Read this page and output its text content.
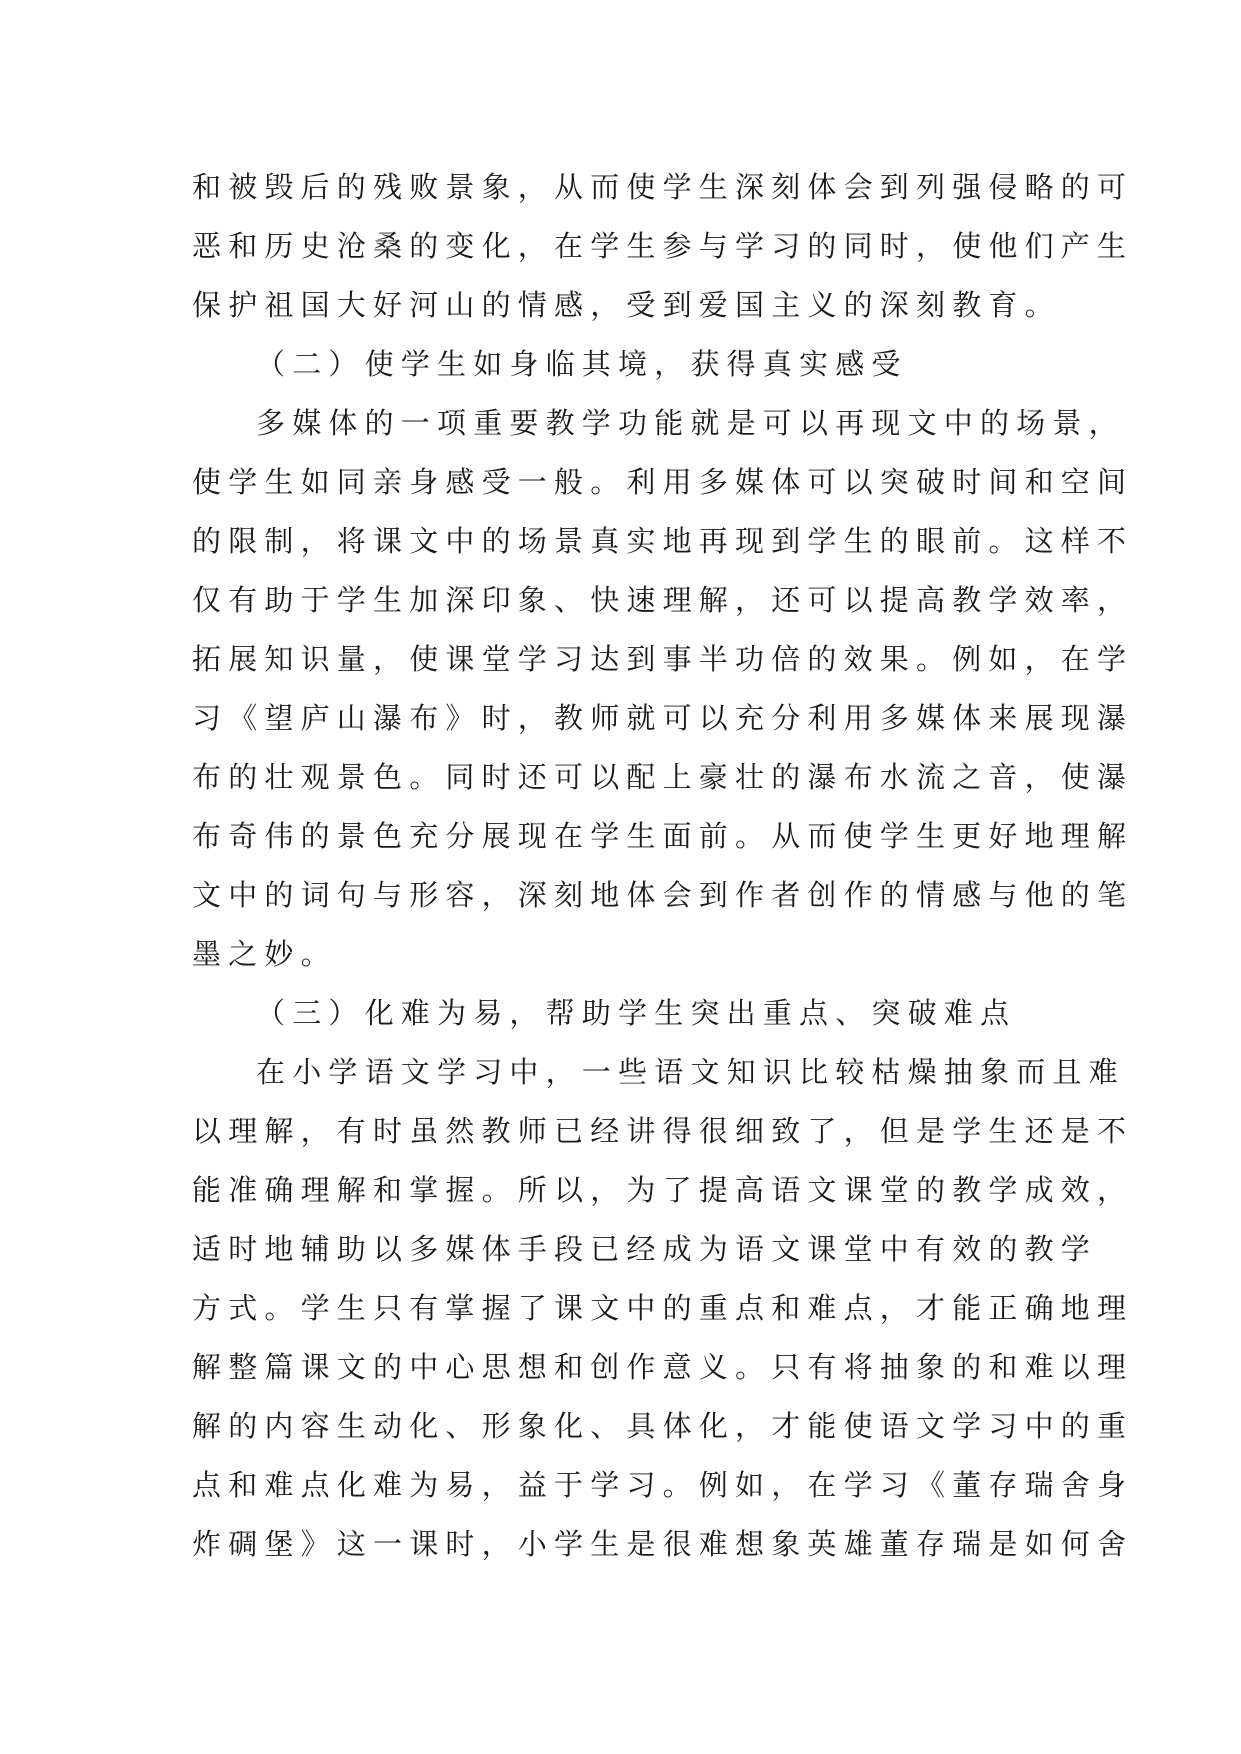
和被毁后的残败景象，从而使学生深刻体会到列强侵略的可
恶和历史沧桑的变化，在学生参与学习的同时，使他们产生
保护祖国大好河山的情感，受到爱国主义的深刻教育。
（二）使学生如身临其境，获得真实感受
多媒体的一项重要教学功能就是可以再现文中的场景，
使学生如同亲身感受一般。利用多媒体可以突破时间和空间
的限制，将课文中的场景真实地再现到学生的眼前。这样不
仅有助于学生加深印象、快速理解，还可以提高教学效率，
拓展知识量，使课堂学习达到事半功倍的效果。例如，在学
习《望庐山瀑布》时，教师就可以充分利用多媒体来展现瀑
布的壮观景色。同时还可以配上豪壮的瀑布水流之音，使瀑
布奇伟的景色充分展现在学生面前。从而使学生更好地理解
文中的词句与形容，深刻地体会到作者创作的情感与他的笔
墨之妙。
（三）化难为易，帮助学生突出重点、突破难点
在小学语文学习中，一些语文知识比较枯燥抽象而且难
以理解，有时虽然教师已经讲得很细致了，但是学生还是不
能准确理解和掌握。所以，为了提高语文课堂的教学成效，
适时地辅助以多媒体手段已经成为语文课堂中有效的教学
方式。学生只有掌握了课文中的重点和难点，才能正确地理
解整篇课文的中心思想和创作意义。只有将抽象的和难以理
解的内容生动化、形象化、具体化，才能使语文学习中的重
点和难点化难为易，益于学习。例如，在学习《董存瑞舍身
炸碉堡》这一课时，小学生是很难想象英雄董存瑞是如何舍
